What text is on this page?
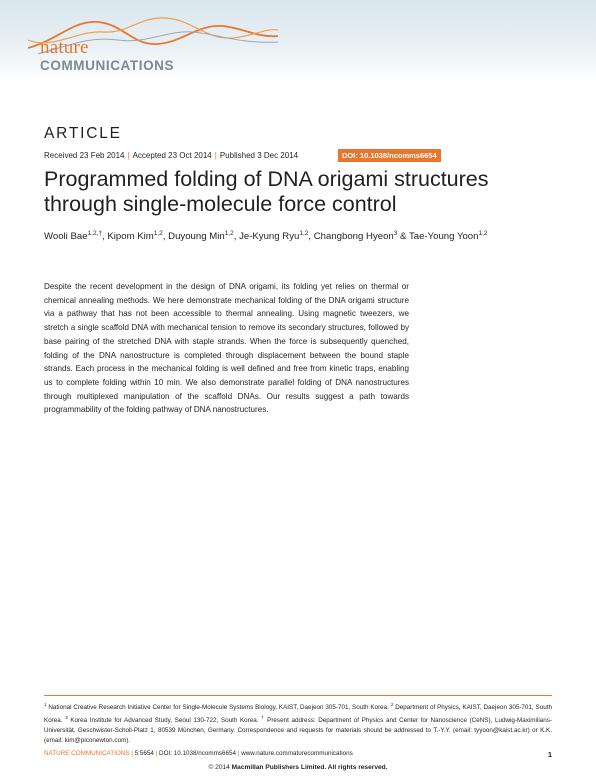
nature
COMMUNICATIONS
ARTICLE
Received 23 Feb 2014 | Accepted 23 Oct 2014 | Published 3 Dec 2014	DOI: 10.1038/ncomms6654
Programmed folding of DNA origami structures through single-molecule force control
Wooli Bae$^{1,2,\dagger}$, Kipom Kim$^{1,2}$, Duyoung Min$^{1,2}$, Je-Kyung Ryu$^{1,2}$, Changbong Hyeon$^3$ & Tae-Young Yoon$^{1,2}$

Despite the recent development in the design of DNA origami, its folding yet relies on thermal or chemical annealing methods. We here demonstrate mechanical folding of the DNA origami structure via a pathway that has not been accessible to thermal annealing. Using magnetic tweezers, we stretch a single scaffold DNA with mechanical tension to remove its secondary structures, followed by base pairing of the stretched DNA with staple strands. When the force is subsequently quenched, folding of the DNA nanostructure is completed through displacement between the bound staple strands. Each process in the mechanical folding is well defined and free from kinetic traps, enabling us to complete folding within 10 min. We also demonstrate parallel folding of DNA nanostructures through multiplexed manipulation of the scaffold DNAs. Our results suggest a path towards programmability of the folding pathway of DNA nanostructures.

$^1$ National Creative Research Initiative Center for Single-Molecule Systems Biology, KAIST, Daejeon 305-701, South Korea. $^2$ Department of Physics, KAIST, Daejeon 305-701, South Korea. $^3$ Korea Institute for Advanced Study, Seoul 130-722, South Korea. † Present address: Department of Physics and Center for Nanoscience (CeNS), Ludwig-Maximilians-Universität, Geschwister-Scholl-Platz 1, 80539 München, Germany. Correspondence and requests for materials should be addressed to T.-Y.Y. (email: tyyoon@kaist.ac.kr) or K.K. (email: kim@piconewton.com).

NATURE COMMUNICATIONS | 5:5654 | DOI: 10.1038/ncomms6654 | www.nature.com/naturecommunications	1
© 2014 Macmillan Publishers Limited. All rights reserved.
